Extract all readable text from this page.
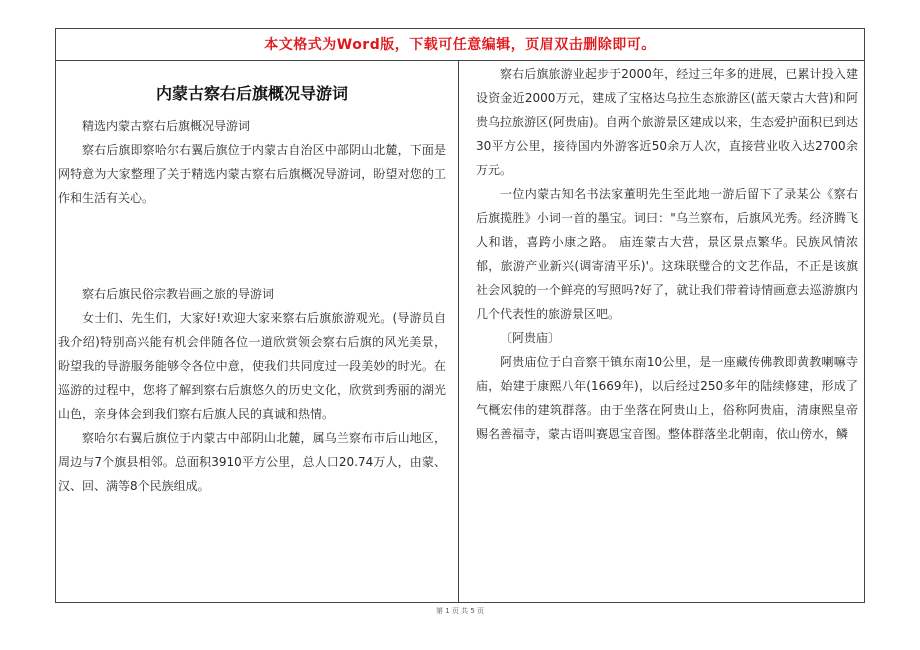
本文格式为Word版，下载可任意编辑，页眉双击删除即可。
内蒙古察右后旗概况导游词

精选内蒙古察右后旗概况导游词

察右后旗即察哈尔右翼后旗位于内蒙古自治区中部阴山北麓，下面是网特意为大家整理了关于精选内蒙古察右后旗概况导游词，盼望对您的工作和生活有关心。

察右后旗民俗宗教岩画之旅的导游词

女士们、先生们，大家好!欢迎大家来察右后旗旅游观光。(导游员自我介绍)特别高兴能有机会伴随各位一道欣赏领会察右后旗的风光美景，盼望我的导游服务能够令各位中意，使我们共同度过一段美妙的时光。在巡游的过程中，您将了解到察右后旗悠久的历史文化，欣赏到秀丽的湖光山色，亲身体会到我们察右后旗人民的真诚和热情。

察哈尔右翼后旗位于内蒙古中部阴山北麓，属乌兰察布市后山地区，周边与7个旗县相邻。总面积3910平方公里，总人口20.74万人，由蒙、汉、回、满等8个民族组成。

察右后旗旅游业起步于2000年，经过三年多的进展，已累计投入建设资金近2000万元，建成了宝格达乌拉生态旅游区(蓝天蒙古大营)和阿贵乌拉旅游区(阿贵庙)。自两个旅游景区建成以来，生态爱护面积已到达30平方公里，接待国内外游客近50余万人次，直接营业收入达2700余万元。

一位内蒙古知名书法家董明先生至此地一游后留下了录某公《察右后旗揽胜》小词一首的墨宝。词曰："乌兰察布，后旗风光秀。经济腾飞人和谐，喜跨小康之路。 庙连蒙古大营，景区景点繁华。民族风情浓郁，旅游产业新兴(调寄清平乐)'。这珠联璧合的文艺作品，不正是该旗社会风貌的一个鲜亮的写照吗?好了，就让我们带着诗情画意去巡游旗内几个代表性的旅游景区吧。

〔阿贵庙〕

阿贵庙位于白音察干镇东南10公里，是一座藏传佛教即黄教喇嘛寺庙，始建于康熙八年(1669年)，以后经过250多年的陆续修建，形成了气概宏伟的建筑群落。由于坐落在阿贵山上，俗称阿贵庙，清康熙皇帝赐名善福寺，蒙古语叫赛恩宝音图。整体群落坐北朝南，依山傍水，鳞

第 1 页 共 5 页
